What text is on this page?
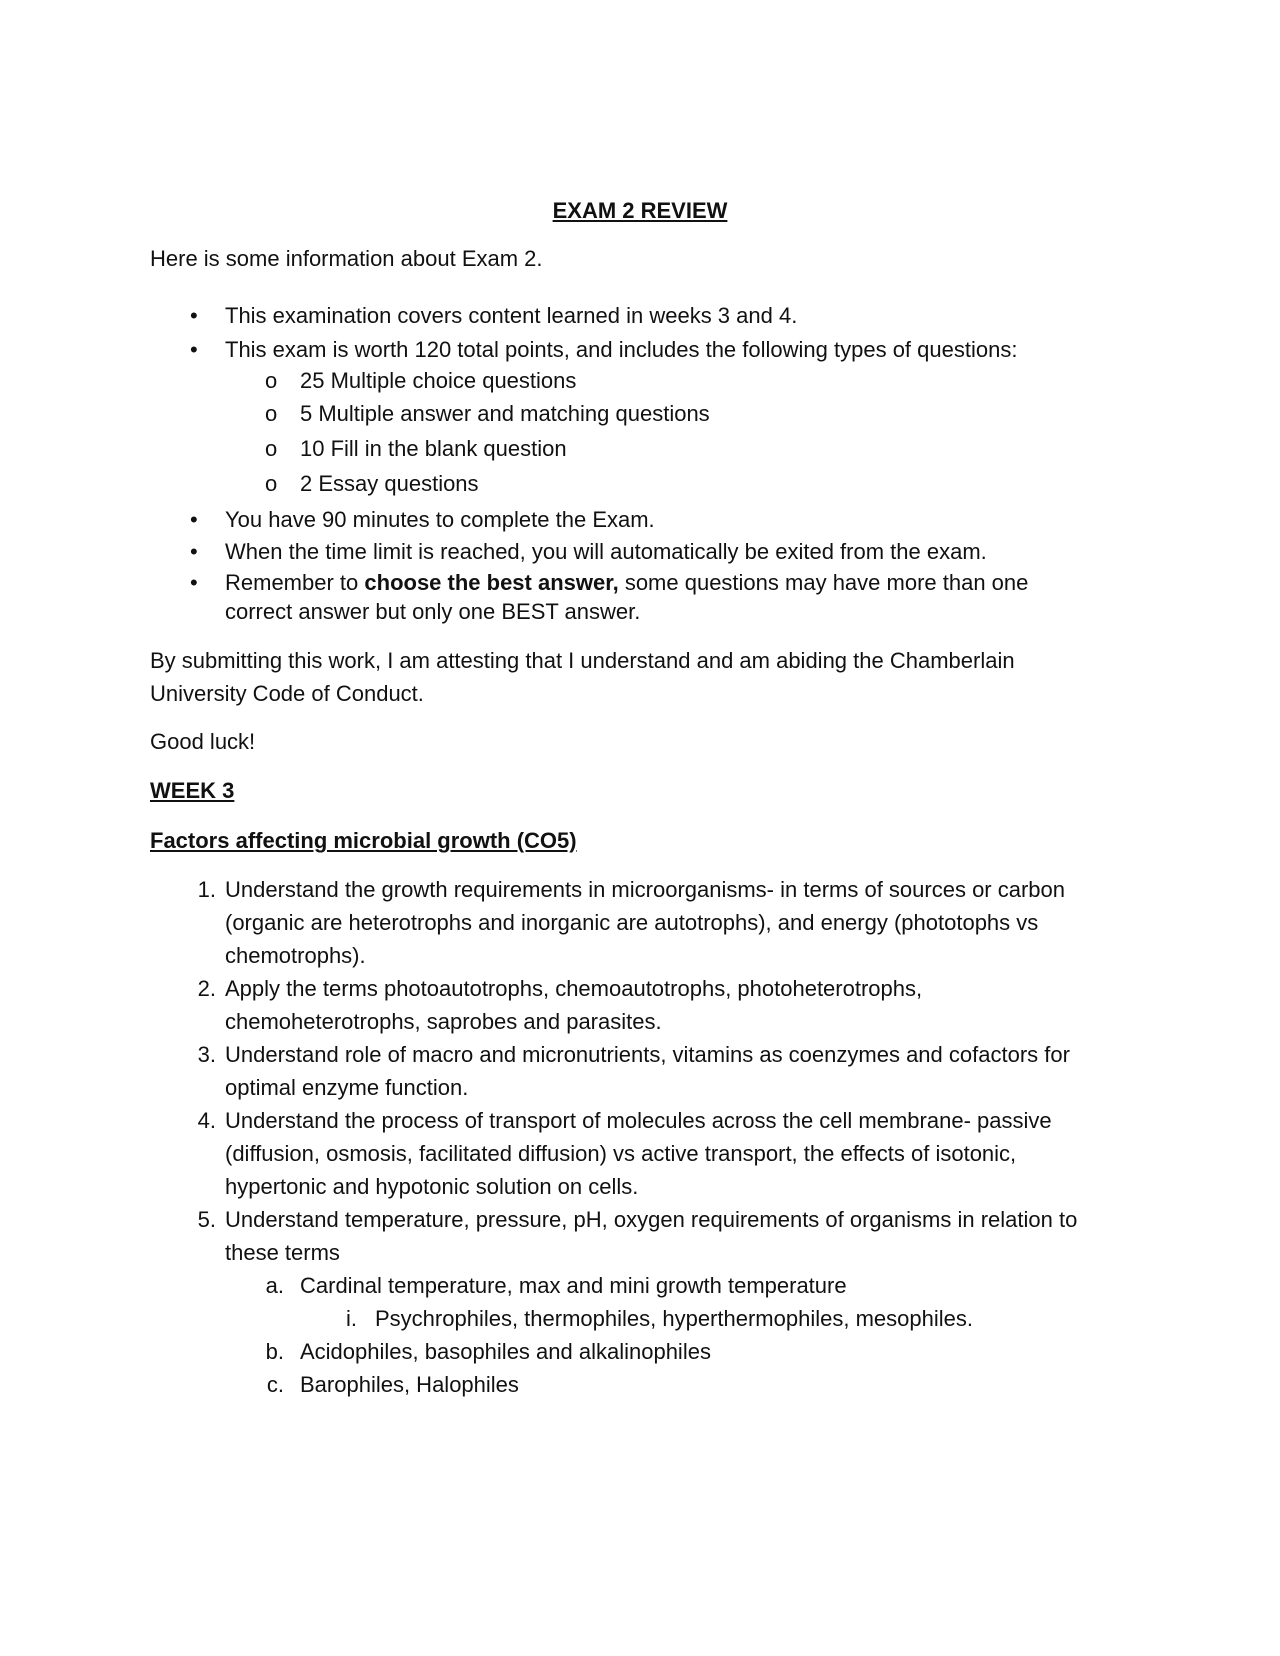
EXAM 2 REVIEW
Here is some information about Exam 2.
• This examination covers content learned in weeks 3 and 4.
• This exam is worth 120 total points, and includes the following types of questions:
o 25 Multiple choice questions
o 5 Multiple answer and matching questions
o 10 Fill in the blank question
o 2 Essay questions
• You have 90 minutes to complete the Exam.
• When the time limit is reached, you will automatically be exited from the exam.
• Remember to choose the best answer, some questions may have more than one correct answer but only one BEST answer.
By submitting this work, I am attesting that I understand and am abiding the Chamberlain University Code of Conduct.
Good luck!
WEEK 3
Factors affecting microbial growth (CO5)
1. Understand the growth requirements in microorganisms- in terms of sources or carbon (organic are heterotrophs and inorganic are autotrophs), and energy (phototophs vs chemotrophs).
2. Apply the terms photoautotrophs, chemoautotrophs, photoheterotrophs, chemoheterotrophs, saprobes and parasites.
3. Understand role of macro and micronutrients, vitamins as coenzymes and cofactors for optimal enzyme function.
4. Understand the process of transport of molecules across the cell membrane- passive (diffusion, osmosis, facilitated diffusion) vs active transport, the effects of isotonic, hypertonic and hypotonic solution on cells.
5. Understand temperature, pressure, pH, oxygen requirements of organisms in relation to these terms
a. Cardinal temperature, max and mini growth temperature
i. Psychrophiles, thermophiles, hyperthermophiles, mesophiles.
b. Acidophiles, basophiles and alkalinophiles
c. Barophiles, Halophiles
